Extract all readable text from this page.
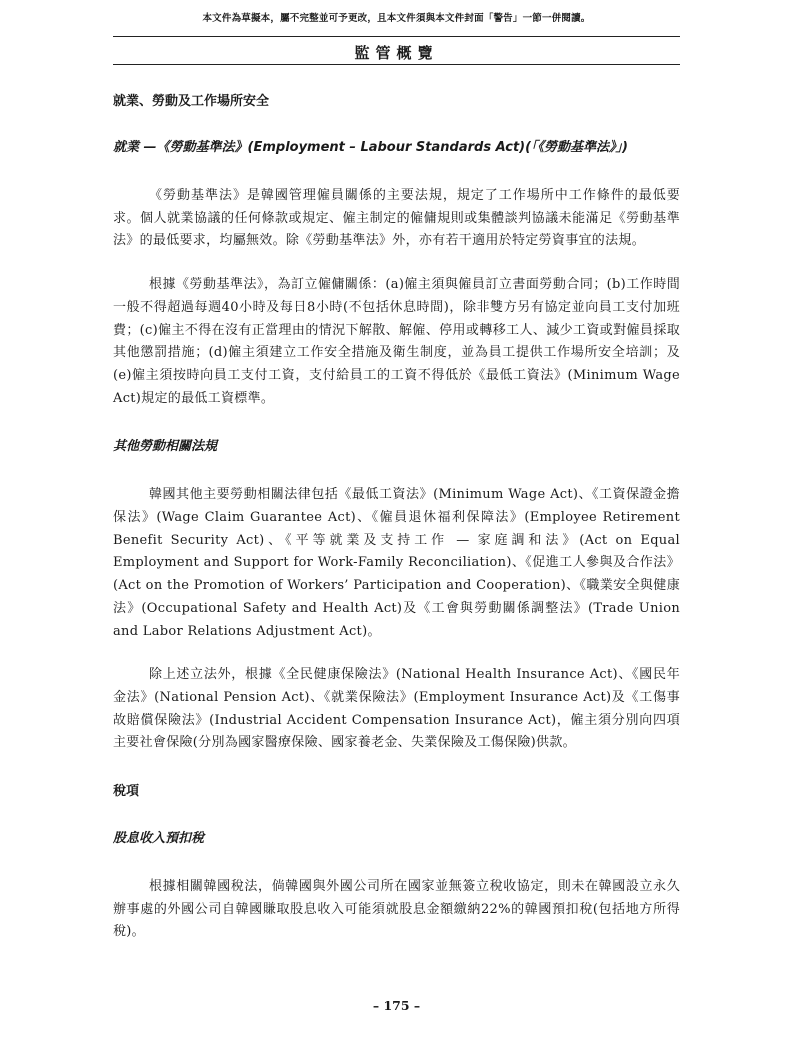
本文件為草擬本，屬不完整並可予更改，且本文件須與本文件封面「警告」一節一併閱讀。
監管概覽

就業、勞動及工作場所安全

就業 —《勞動基準法》(Employment – Labour Standards Act)(「《勞動基準法》」)

《勞動基準法》是韓國管理僱員關係的主要法規，規定了工作場所中工作條件的最低要求。個人就業協議的任何條款或規定、僱主制定的僱傭規則或集體談判協議未能滿足《勞動基準法》的最低要求，均屬無效。除《勞動基準法》外，亦有若干適用於特定勞資事宜的法規。

根據《勞動基準法》，為訂立僱傭關係：(a)僱主須與僱員訂立書面勞動合同；(b)工作時間一般不得超過每週40小時及每日8小時(不包括休息時間)，除非雙方另有協定並向員工支付加班費；(c)僱主不得在沒有正當理由的情況下解散、解僱、停用或轉移工人、減少工資或對僱員採取其他懲罰措施；(d)僱主須建立工作安全措施及衛生制度，並為員工提供工作場所安全培訓；及(e)僱主須按時向員工支付工資，支付給員工的工資不得低於《最低工資法》(Minimum Wage Act)規定的最低工資標準。

其他勞動相關法規

韓國其他主要勞動相關法律包括《最低工資法》(Minimum Wage Act)、《工資保證金擔保法》(Wage Claim Guarantee Act)、《僱員退休福利保障法》(Employee Retirement Benefit Security Act)、《平等就業及支持工作 — 家庭調和法》(Act on Equal Employment and Support for Work-Family Reconciliation)、《促進工人參與及合作法》(Act on the Promotion of Workers’ Participation and Cooperation)、《職業安全與健康法》(Occupational Safety and Health Act)及《工會與勞動關係調整法》(Trade Union and Labor Relations Adjustment Act)。

除上述立法外，根據《全民健康保險法》(National Health Insurance Act)、《國民年金法》(National Pension Act)、《就業保險法》(Employment Insurance Act)及《工傷事故賠償保險法》(Industrial Accident Compensation Insurance Act)，僱主須分別向四項主要社會保險(分別為國家醫療保險、國家養老金、失業保險及工傷保險)供款。

稅項

股息收入預扣稅

根據相關韓國稅法，倘韓國與外國公司所在國家並無簽立稅收協定，則未在韓國設立永久辦事處的外國公司自韓國賺取股息收入可能須就股息金額繳納22%的韓國預扣稅(包括地方所得稅)。

– 175 –
